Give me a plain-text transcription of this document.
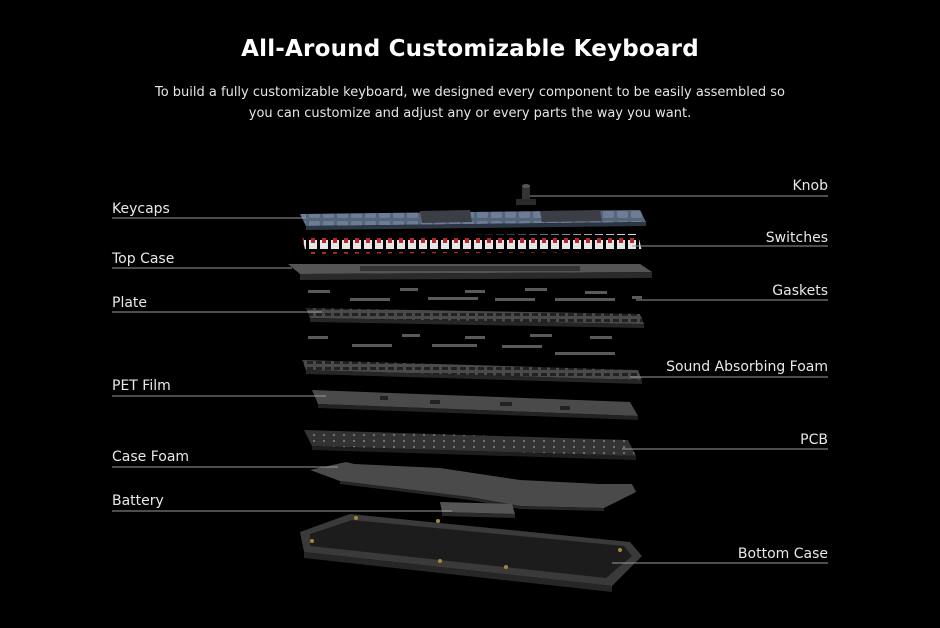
All-Around Customizable Keyboard
To build a fully customizable keyboard, we designed every component to be easily assembled so you can customize and adjust any or every parts the way you want.
Keycaps
Top Case
Plate
PET Film
Case Foam
Battery
Knob
Switches
Gaskets
Sound Absorbing Foam
PCB
Bottom Case
